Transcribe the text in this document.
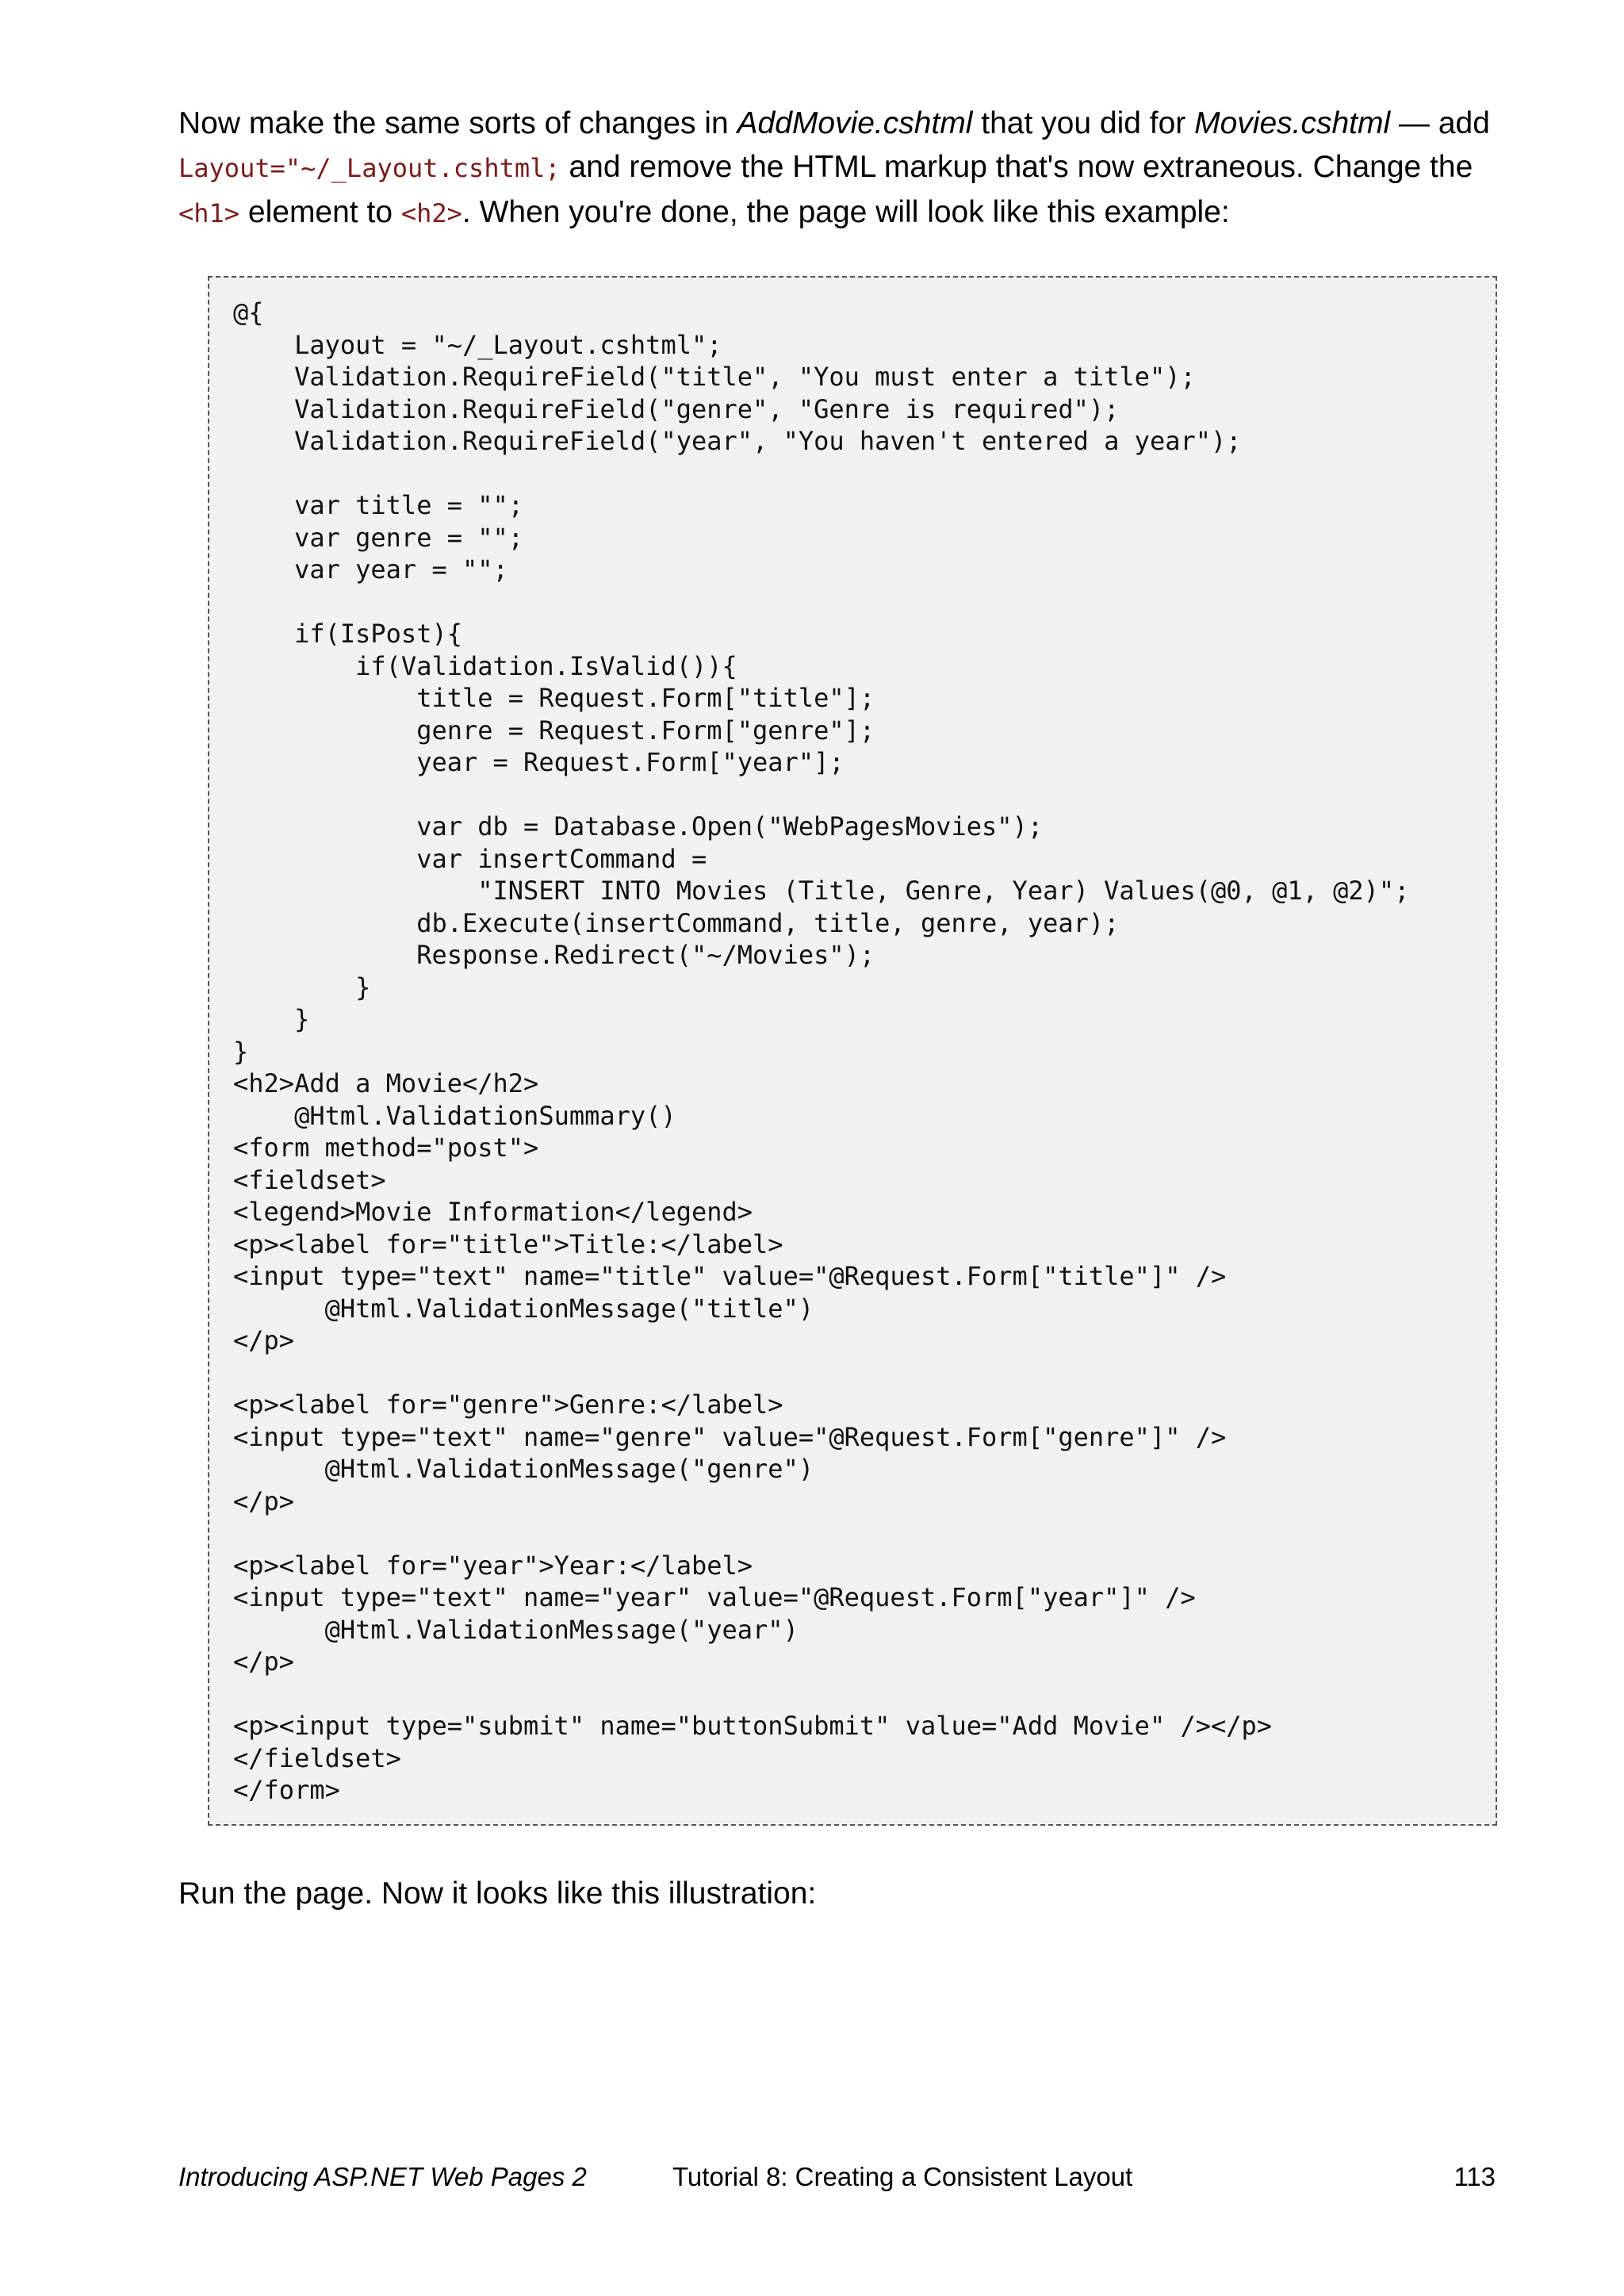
Now make the same sorts of changes in AddMovie.cshtml that you did for Movies.cshtml — add Layout="~/_Layout.cshtml; and remove the HTML markup that's now extraneous. Change the <h1> element to <h2>. When you're done, the page will look like this example:

@{
Layout = "~/_Layout.cshtml";
Validation.RequireField("title", "You must enter a title");
Validation.RequireField("genre", "Genre is required");
Validation.RequireField("year", "You haven't entered a year");

var title = "";
var genre = "";
var year = "";

if(IsPost){
if(Validation.IsValid()){
title = Request.Form["title"];
genre = Request.Form["genre"];
year = Request.Form["year"];

var db = Database.Open("WebPagesMovies");
var insertCommand =
"INSERT INTO Movies (Title, Genre, Year) Values(@0, @1, @2)";
db.Execute(insertCommand, title, genre, year);
Response.Redirect("~/Movies");
}
}
}
<h2>Add a Movie</h2>
@Html.ValidationSummary()
<form method="post">
<fieldset>
<legend>Movie Information</legend>
<p><label for="title">Title:</label>
<input type="text" name="title" value="@Request.Form["title"]" />
@Html.ValidationMessage("title")
</p>

<p><label for="genre">Genre:</label>
<input type="text" name="genre" value="@Request.Form["genre"]" />
@Html.ValidationMessage("genre")
</p>

<p><label for="year">Year:</label>
<input type="text" name="year" value="@Request.Form["year"]" />
@Html.ValidationMessage("year")
</p>

<p><input type="submit" name="buttonSubmit" value="Add Movie" /></p>
</fieldset>
</form>

Run the page. Now it looks like this illustration:

Introducing ASP.NET Web Pages 2	Tutorial 8: Creating a Consistent Layout	113
